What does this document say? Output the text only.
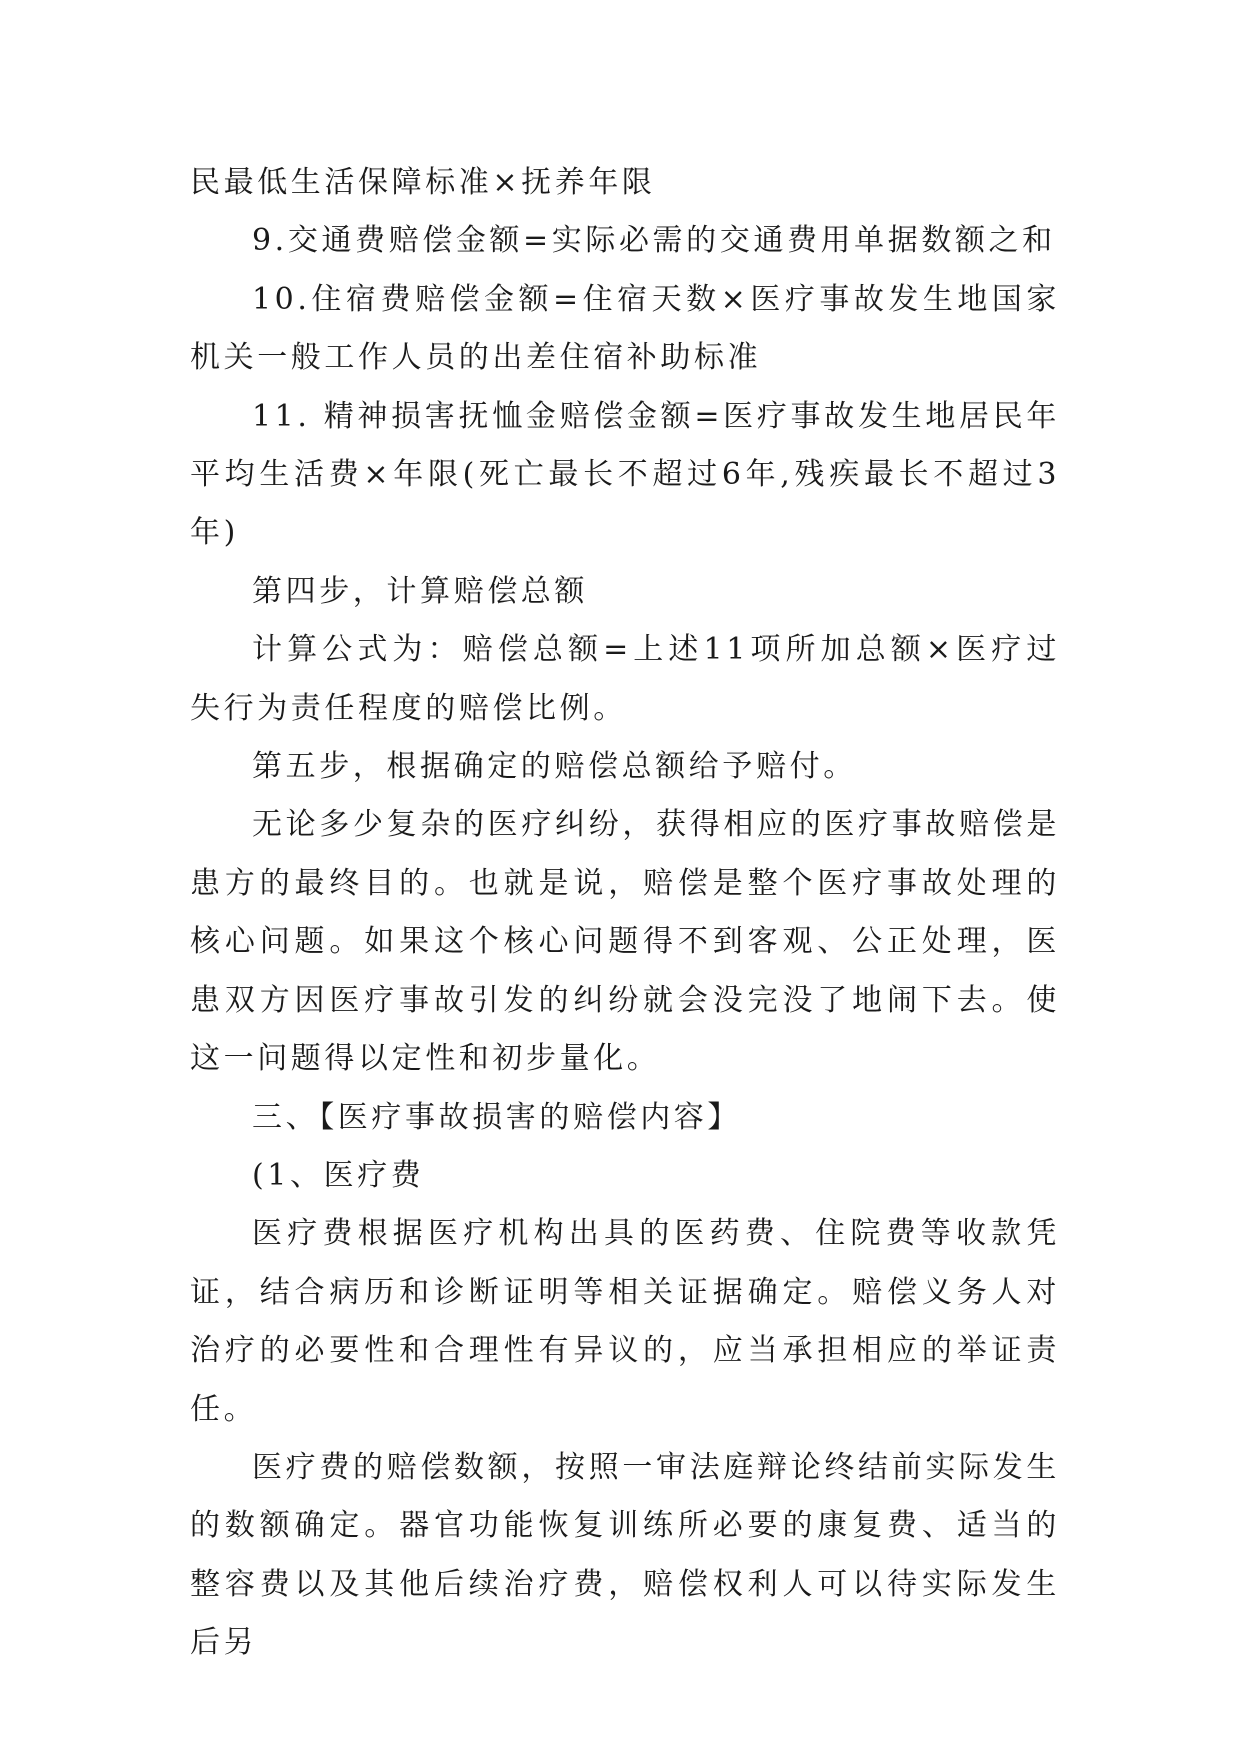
民最低生活保障标准×抚养年限

9.交通费赔偿金额=实际必需的交通费用单据数额之和

10.住宿费赔偿金额=住宿天数×医疗事故发生地国家机关一般工作人员的出差住宿补助标准

11. 精神损害抚恤金赔偿金额=医疗事故发生地居民年平均生活费×年限(死亡最长不超过6年,残疾最长不超过3年)

第四步，计算赔偿总额

计算公式为：赔偿总额=上述11项所加总额×医疗过失行为责任程度的赔偿比例。

第五步，根据确定的赔偿总额给予赔付。

无论多少复杂的医疗纠纷，获得相应的医疗事故赔偿是患方的最终目的。也就是说，赔偿是整个医疗事故处理的核心问题。如果这个核心问题得不到客观、公正处理，医患双方因医疗事故引发的纠纷就会没完没了地闹下去。使这一问题得以定性和初步量化。

三、【医疗事故损害的赔偿内容】

(1、医疗费

医疗费根据医疗机构出具的医药费、住院费等收款凭证，结合病历和诊断证明等相关证据确定。赔偿义务人对治疗的必要性和合理性有异议的，应当承担相应的举证责任。

医疗费的赔偿数额，按照一审法庭辩论终结前实际发生的数额确定。器官功能恢复训练所必要的康复费、适当的整容费以及其他后续治疗费，赔偿权利人可以待实际发生后另
